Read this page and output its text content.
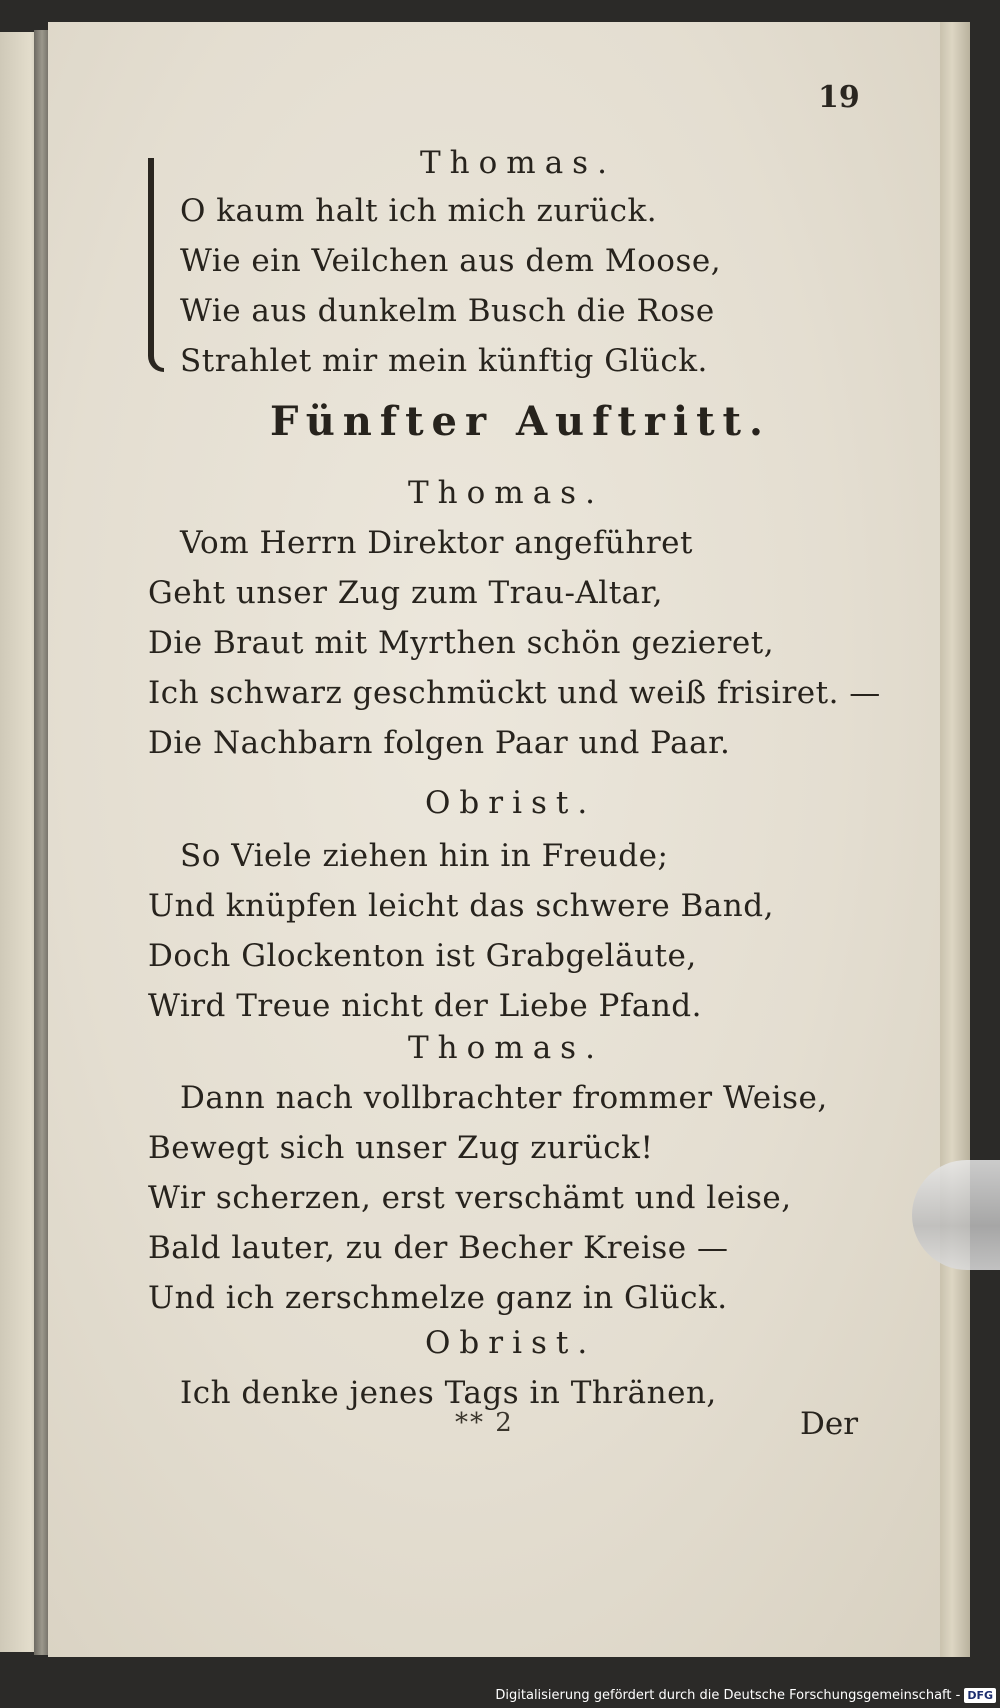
19
Thomas.
O kaum halt ich mich zurück.
Wie ein Veilchen aus dem Moose,
Wie aus dunkelm Busch die Rose
Strahlet mir mein künftig Glück.
Fünfter Auftritt.
Thomas.
Vom Herrn Direktor angeführet
Geht unser Zug zum Trau-Altar,
Die Braut mit Myrthen schön gezieret,
Ich schwarz geschmückt und weiß frisiret. —
Die Nachbarn folgen Paar und Paar.
Obrist.
So Viele ziehen hin in Freude;
Und knüpfen leicht das schwere Band,
Doch Glockenton ist Grabgeläute,
Wird Treue nicht der Liebe Pfand.
Thomas.
Dann nach vollbrachter frommer Weise,
Bewegt sich unser Zug zurück!
Wir scherzen, erst verschämt und leise,
Bald lauter, zu der Becher Kreise —
Und ich zerschmelze ganz in Glück.
Obrist.
Ich denke jenes Tags in Thränen,
** 2	Der
Digitalisierung gefördert durch die Deutsche Forschungsgemeinschaft - DFG
